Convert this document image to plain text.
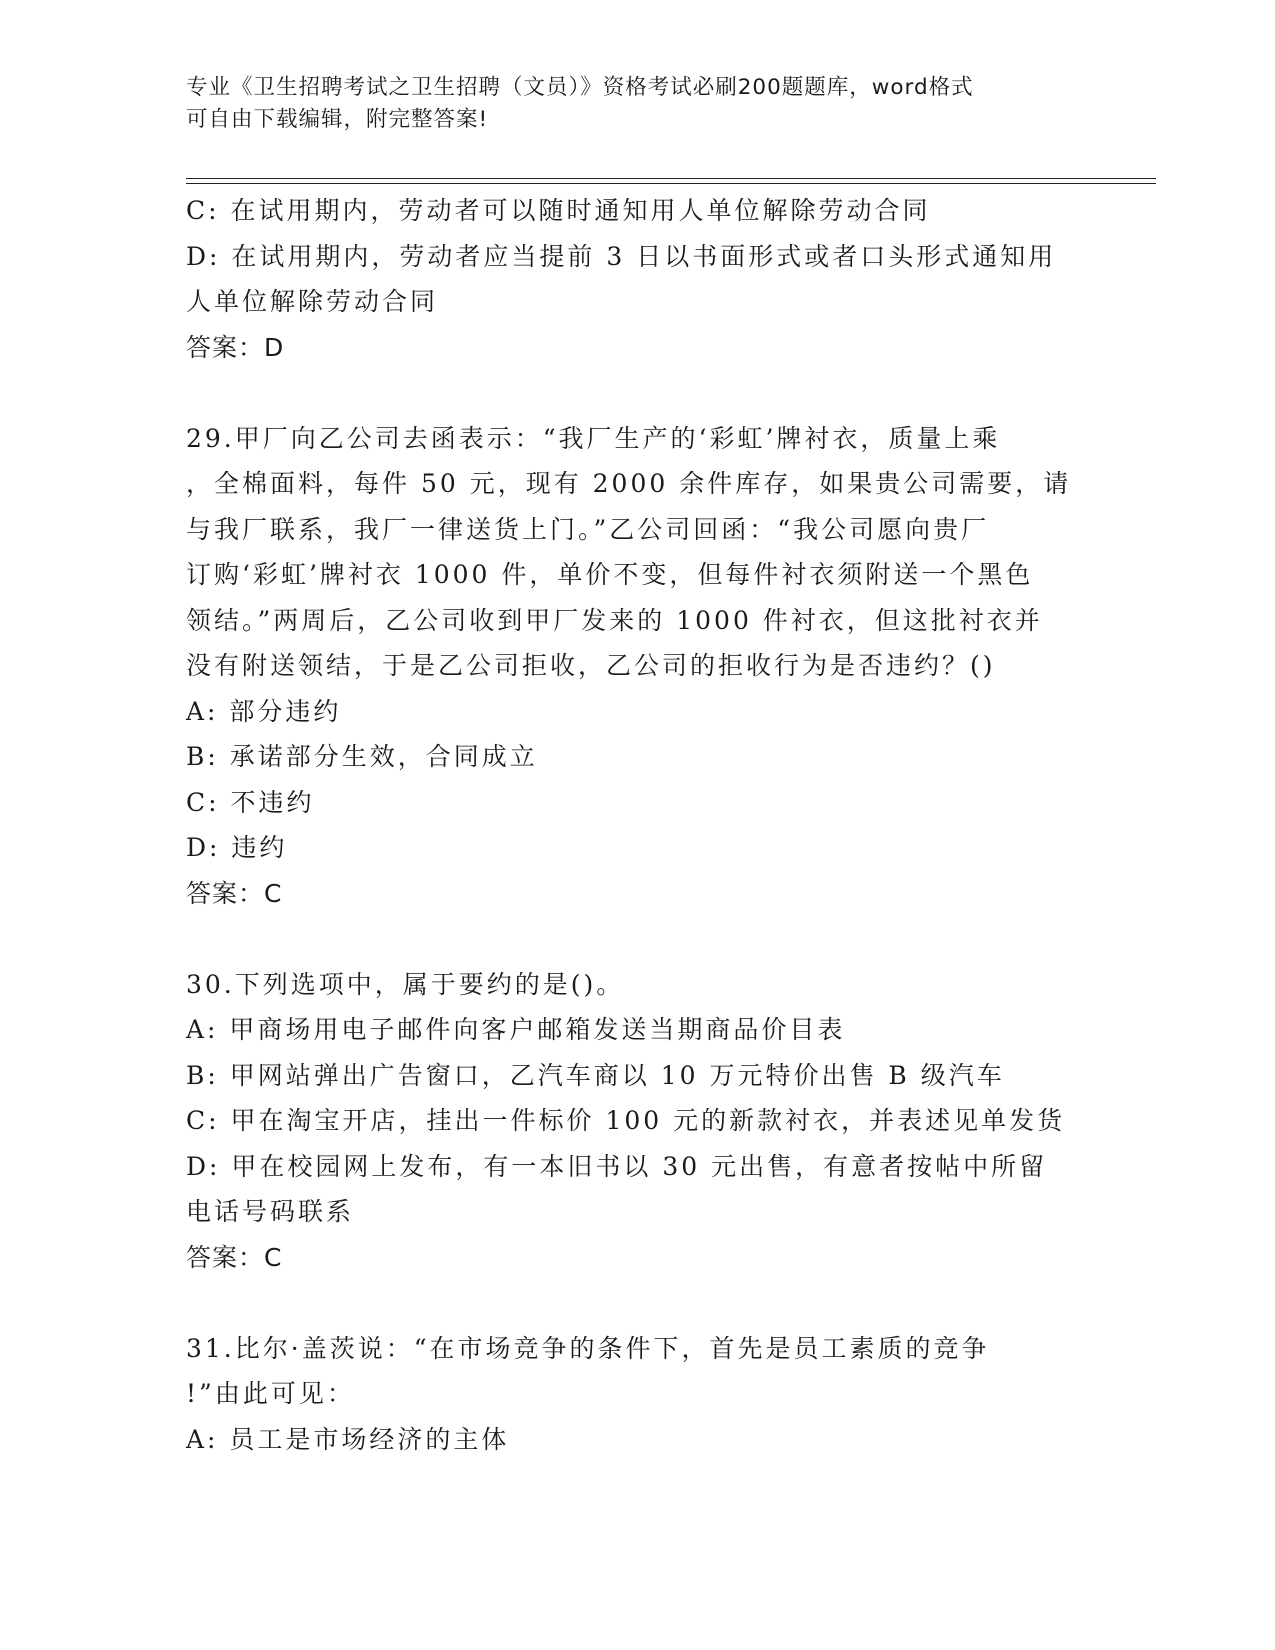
专业《卫生招聘考试之卫生招聘（文员）》资格考试必刷200题题库，word格式
可自由下载编辑，附完整答案!
C: 在试用期内，劳动者可以随时通知用人单位解除劳动合同
D: 在试用期内，劳动者应当提前 3 日以书面形式或者口头形式通知用
人单位解除劳动合同
答案：D
29.甲厂向乙公司去函表示：“我厂生产的‘彩虹’牌衬衣，质量上乘
，全棉面料，每件 50 元，现有 2000 余件库存，如果贵公司需要，请
与我厂联系，我厂一律送货上门。”乙公司回函：“我公司愿向贵厂
订购‘彩虹’牌衬衣 1000 件，单价不变，但每件衬衣须附送一个黑色
领结。”两周后，乙公司收到甲厂发来的 1000 件衬衣，但这批衬衣并
没有附送领结，于是乙公司拒收，乙公司的拒收行为是否违约？()
A: 部分违约
B: 承诺部分生效，合同成立
C: 不违约
D: 违约
答案：C
30.下列选项中，属于要约的是()。
A: 甲商场用电子邮件向客户邮箱发送当期商品价目表
B: 甲网站弹出广告窗口，乙汽车商以 10 万元特价出售 B 级汽车
C: 甲在淘宝开店，挂出一件标价 100 元的新款衬衣，并表述见单发货
D: 甲在校园网上发布，有一本旧书以 30 元出售，有意者按帖中所留
电话号码联系
答案：C
31.比尔·盖茨说：“在市场竞争的条件下，首先是员工素质的竞争
!”由此可见：
A: 员工是市场经济的主体
